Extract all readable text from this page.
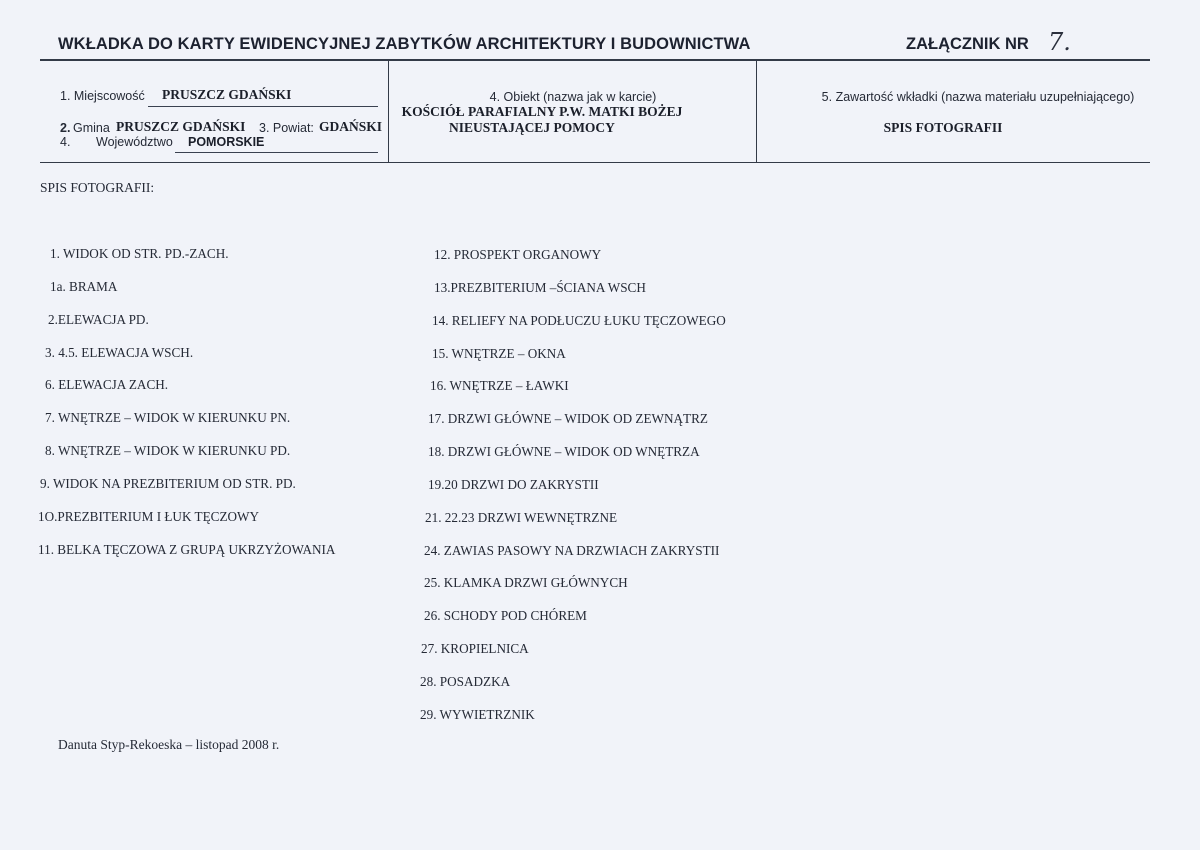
WKŁADKA DO KARTY EWIDENCYJNEJ ZABYTKÓW ARCHITEKTURY I BUDOWNICTWA	ZAŁĄCZNIK NR 7.
1. Miejscowość PRUSZCZ GDAŃSKI
2. Gmina PRUSZCZ GDAŃSKI 3. Powiat: GDAŃSKI
4. Województwo POMORSKIE
4. Obiekt (nazwa jak w karcie)
KOŚCIÓŁ PARAFIALNY P.W. MATKI BOŻEJ
NIEUSTAJĄCEJ POMOCY
5. Zawartość wkładki (nazwa materiału uzupełniającego)
SPIS FOTOGRAFII
SPIS FOTOGRAFII:
1. WIDOK OD STR. PD.-ZACH.
1a. BRAMA
2.ELEWACJA PD.
3. 4.5. ELEWACJA WSCH.
6. ELEWACJA ZACH.
7. WNĘTRZE – WIDOK W KIERUNKU PN.
8. WNĘTRZE – WIDOK W KIERUNKU PD.
9. WIDOK NA PREZBITERIUM OD STR. PD.
1O.PREZBITERIUM I ŁUK TĘCZOWY
11. BELKA TĘCZOWA Z GRUPĄ UKRZYŻOWANIA
12. PROSPEKT ORGANOWY
13.PREZBITERIUM –ŚCIANA WSCH
14. RELIEFY NA PODŁUCZU ŁUKU TĘCZOWEGO
15. WNĘTRZE – OKNA
16. WNĘTRZE – ŁAWKI
17. DRZWI GŁÓWNE – WIDOK OD ZEWNĄTRZ
18. DRZWI GŁÓWNE – WIDOK OD WNĘTRZA
19.20 DRZWI DO ZAKRYSTII
21. 22.23 DRZWI WEWNĘTRZNE
24. ZAWIAS PASOWY NA DRZWIACH ZAKRYSTII
25. KLAMKA DRZWI GŁÓWNYCH
26. SCHODY POD CHÓREM
27. KROPIELNICA
28. POSADZKA
29. WYWIETRZNIK
Danuta Styp-Rekoeska – listopad 2008 r.
